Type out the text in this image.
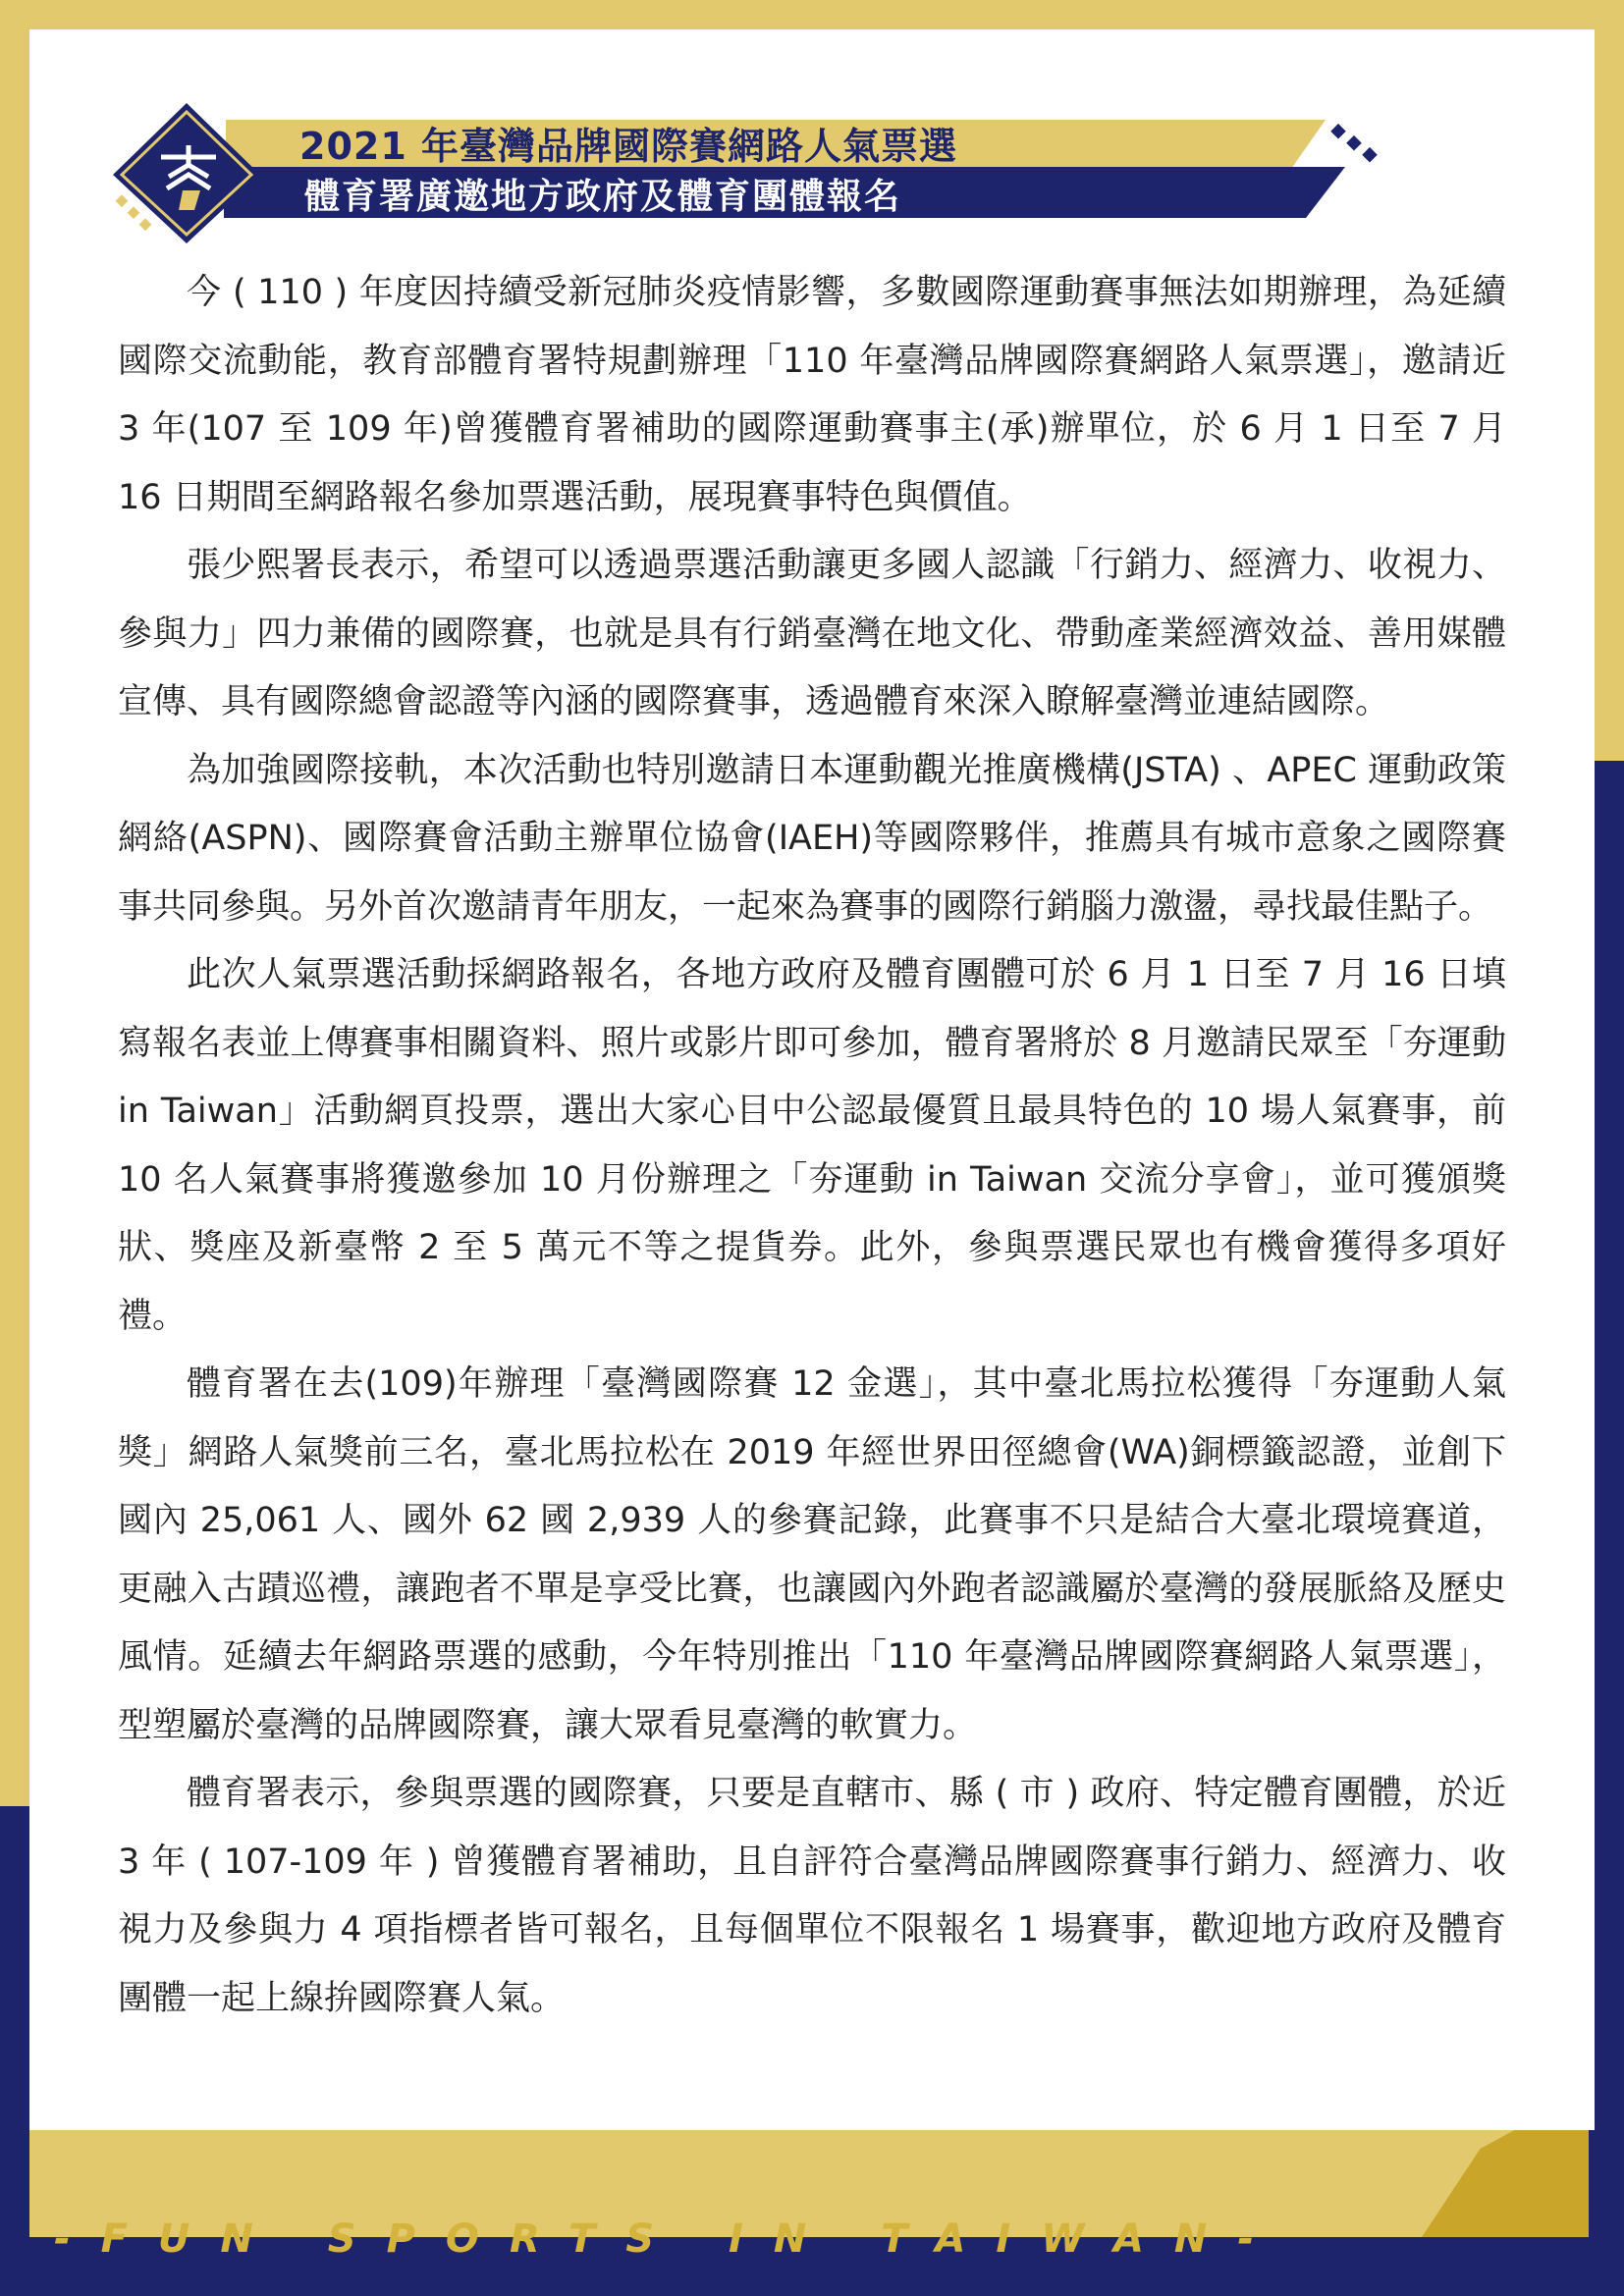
2021 年臺灣品牌國際賽網路人氣票選
體育署廣邀地方政府及體育團體報名

今 ( 110 ) 年度因持續受新冠肺炎疫情影響，多數國際運動賽事無法如期辦理，為延續國際交流動能，教育部體育署特規劃辦理「110 年臺灣品牌國際賽網路人氣票選」，邀請近 3 年(107 至 109 年)曾獲體育署補助的國際運動賽事主(承)辦單位，於 6 月 1 日至 7 月 16 日期間至網路報名參加票選活動，展現賽事特色與價值。

張少熙署長表示，希望可以透過票選活動讓更多國人認識「行銷力、經濟力、收視力、參與力」四力兼備的國際賽，也就是具有行銷臺灣在地文化、帶動產業經濟效益、善用媒體宣傳、具有國際總會認證等內涵的國際賽事，透過體育來深入瞭解臺灣並連結國際。

為加強國際接軌，本次活動也特別邀請日本運動觀光推廣機構(JSTA) 、APEC 運動政策網絡(ASPN)、國際賽會活動主辦單位協會(IAEH)等國際夥伴，推薦具有城市意象之國際賽事共同參與。另外首次邀請青年朋友，一起來為賽事的國際行銷腦力激盪，尋找最佳點子。

此次人氣票選活動採網路報名，各地方政府及體育團體可於 6 月 1 日至 7 月 16 日填寫報名表並上傳賽事相關資料、照片或影片即可參加，體育署將於 8 月邀請民眾至「夯運動 in Taiwan」活動網頁投票，選出大家心目中公認最優質且最具特色的 10 場人氣賽事，前 10 名人氣賽事將獲邀參加 10 月份辦理之「夯運動 in Taiwan 交流分享會」，並可獲頒獎狀、獎座及新臺幣 2 至 5 萬元不等之提貨券。此外，參與票選民眾也有機會獲得多項好禮。

體育署在去(109)年辦理「臺灣國際賽 12 金選」，其中臺北馬拉松獲得「夯運動人氣獎」網路人氣獎前三名，臺北馬拉松在 2019 年經世界田徑總會(WA)銅標籤認證，並創下國內 25,061 人、國外 62 國 2,939 人的參賽記錄，此賽事不只是結合大臺北環境賽道，更融入古蹟巡禮，讓跑者不單是享受比賽，也讓國內外跑者認識屬於臺灣的發展脈絡及歷史風情。延續去年網路票選的感動，今年特別推出「110 年臺灣品牌國際賽網路人氣票選」，型塑屬於臺灣的品牌國際賽，讓大眾看見臺灣的軟實力。

體育署表示，參與票選的國際賽，只要是直轄市、縣 ( 市 ) 政府、特定體育團體，於近 3 年 ( 107-109 年 ) 曾獲體育署補助，且自評符合臺灣品牌國際賽事行銷力、經濟力、收視力及參與力 4 項指標者皆可報名，且每個單位不限報名 1 場賽事，歡迎地方政府及體育團體一起上線拚國際賽人氣。

-FUN SPORTS IN TAIWAN-
